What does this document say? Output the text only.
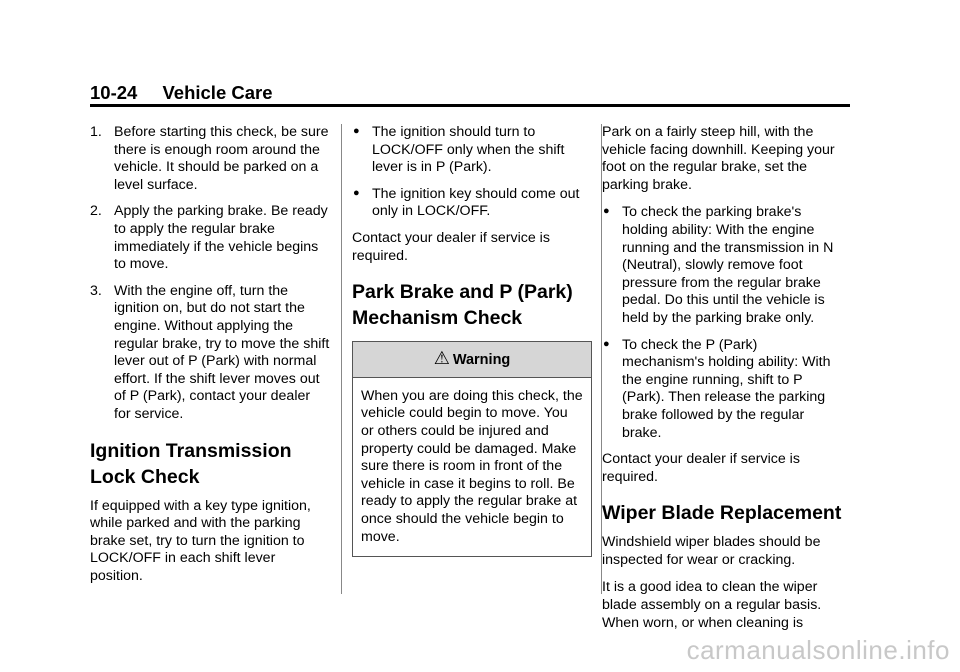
10-24 Vehicle Care
1. Before starting this check, be sure there is enough room around the vehicle. It should be parked on a level surface.
2. Apply the parking brake. Be ready to apply the regular brake immediately if the vehicle begins to move.
3. With the engine off, turn the ignition on, but do not start the engine. Without applying the regular brake, try to move the shift lever out of P (Park) with normal effort. If the shift lever moves out of P (Park), contact your dealer for service.
Ignition Transmission Lock Check

If equipped with a key type ignition, while parked and with the parking brake set, try to turn the ignition to LOCK/OFF in each shift lever position.

● The ignition should turn to LOCK/OFF only when the shift lever is in P (Park).
● The ignition key should come out only in LOCK/OFF.

Contact your dealer if service is required.

Park Brake and P (Park) Mechanism Check
⚠ Warning
When you are doing this check, the vehicle could begin to move. You or others could be injured and property could be damaged. Make sure there is room in front of the vehicle in case it begins to roll. Be ready to apply the regular brake at once should the vehicle begin to move.

Park on a fairly steep hill, with the vehicle facing downhill. Keeping your foot on the regular brake, set the parking brake.

● To check the parking brake's holding ability: With the engine running and the transmission in N (Neutral), slowly remove foot pressure from the regular brake pedal. Do this until the vehicle is held by the parking brake only.
● To check the P (Park) mechanism's holding ability: With the engine running, shift to P (Park). Then release the parking brake followed by the regular brake.

Contact your dealer if service is required.

Wiper Blade Replacement

Windshield wiper blades should be inspected for wear or cracking.

It is a good idea to clean the wiper blade assembly on a regular basis. When worn, or when cleaning is

carmanualsonline.info
